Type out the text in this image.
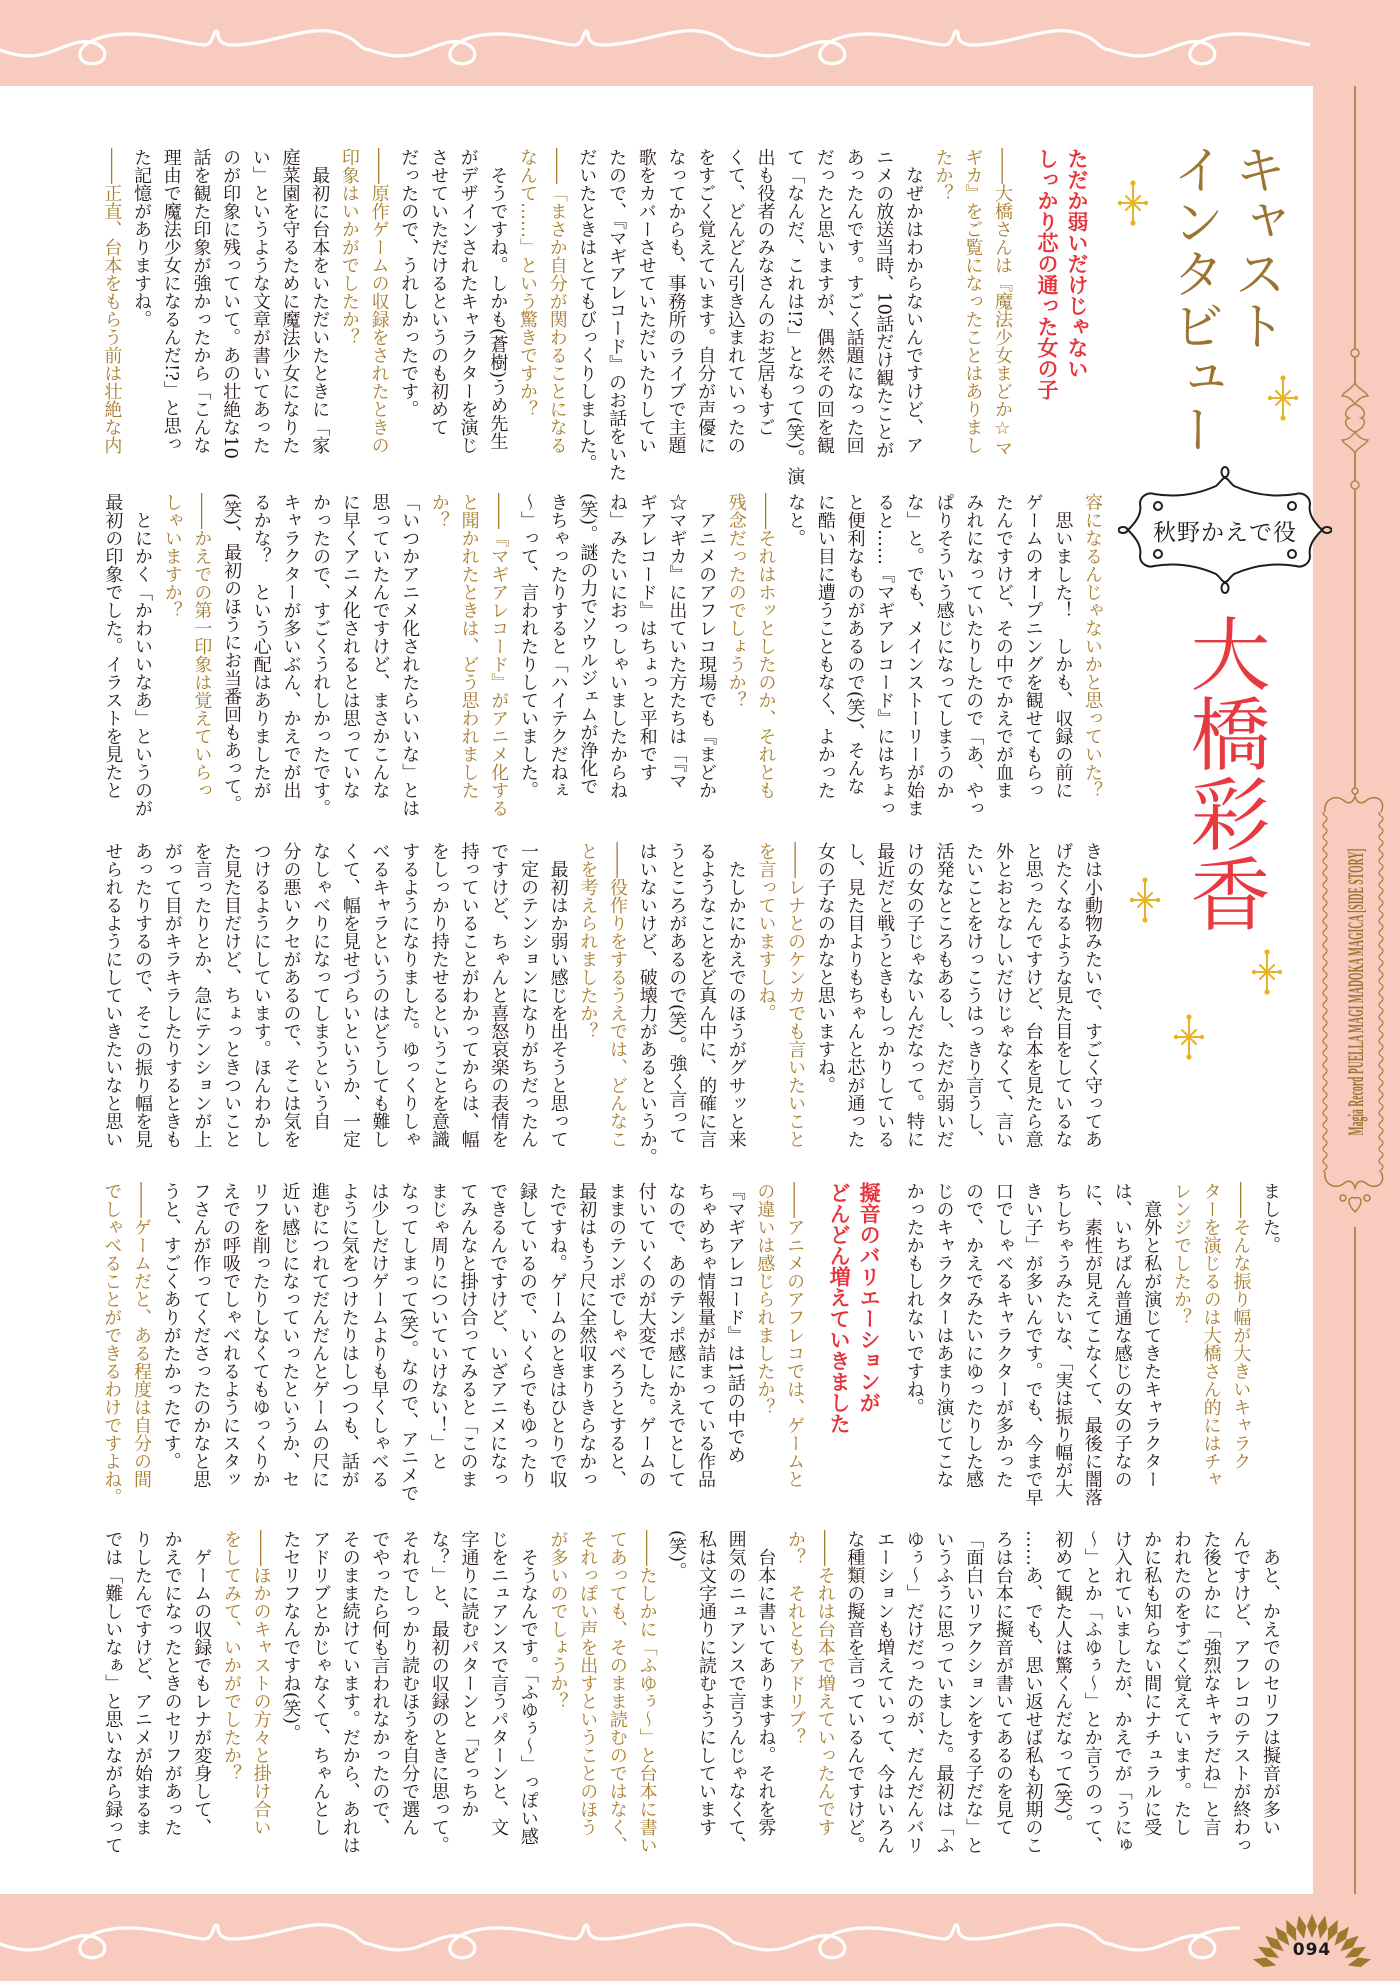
Magia Record PUELLA MAGI MADOKA MAGICA [SIDE STORY]
キャスト
インタビュー
秋野かえで役
大橋彩香
ただか弱いだけじゃない
しっかり芯の通った女の子
――大橋さんは『魔法少女まどか☆マ
ギカ』をご覧になったことはありまし
たか？
　なぜかはわからないんですけど、ア
ニメの放送当時、10話だけ観たことが
あったんです。すごく話題になった回
だったと思いますが、偶然その回を観
て「なんだ、これは!?」となって(笑)。演
出も役者のみなさんのお芝居もすご
くて、どんどん引き込まれていったの
をすごく覚えています。自分が声優に
なってからも、事務所のライブで主題
歌をカバーさせていただいたりしてい
たので、『マギアレコード』のお話をいた
だいたときはとてもびっくりしました。
――「まさか自分が関わることになる
なんて……」という驚きですか？
　そうですね。しかも(蒼樹)うめ先生
がデザインされたキャラクターを演じ
させていただけるというのも初めて
だったので、うれしかったです。
――原作ゲームの収録をされたときの
印象はいかがでしたか？
　最初に台本をいただいたときに「家
庭菜園を守るために魔法少女になりた
い」というような文章が書いてあった
のが印象に残っていて。あの壮絶な10
話を観た印象が強かったから「こんな
理由で魔法少女になるんだ!?」と思っ
た記憶がありますね。
――正直、台本をもらう前は壮絶な内
容になるんじゃないかと思っていた？
　思いました！　しかも、収録の前に
ゲームのオープニングを観せてもらっ
たんですけど、その中でかえでが血ま
みれになっていたりしたので「あ、やっ
ぱりそういう感じになってしまうのか
な」と。でも、メインストーリーが始ま
ると……『マギアレコード』にはちょっ
と便利なものがあるので(笑)、そんな
に酷い目に遭うこともなく、よかった
なと。
――それはホッとしたのか、それとも
残念だったのでしょうか？
　アニメのアフレコ現場でも『まどか
☆マギカ』に出ていた方たちは「『マ
ギアレコード』はちょっと平和です
ね」みたいにおっしゃいましたからね
(笑)。謎の力でソウルジェムが浄化で
きちゃったりすると「ハイテクだねぇ
～」って、言われたりしていました。
――『マギアレコード』がアニメ化する
と聞かれたときは、どう思われました
か？
「いつかアニメ化されたらいいな」とは
思っていたんですけど、まさかこんな
に早くアニメ化されるとは思っていな
かったので、すごくうれしかったです。
キャラクターが多いぶん、かえでが出
るかな？　という心配はありましたが
(笑)、最初のほうにお当番回もあって。
――かえでの第一印象は覚えていらっ
しゃいますか？
　とにかく「かわいいなあ」というのが
最初の印象でした。イラストを見たと
きは小動物みたいで、すごく守ってあ
げたくなるような見た目をしているな
と思ったんですけど、台本を見たら意
外とおとなしいだけじゃなくて、言い
たいことをけっこうはっきり言うし、
活発なところもあるし、ただか弱いだ
けの女の子じゃないんだなって。特に
最近だと戦うときもしっかりしている
し、見た目よりもちゃんと芯が通った
女の子なのかなと思いますね。
――レナとのケンカでも言いたいこと
を言っていますしね。
　たしかにかえでのほうがグサッと来
るようなことをど真ん中に、的確に言
うところがあるので(笑)。強く言って
はいないけど、破壊力があるというか。
――役作りをするうえでは、どんなこ
とを考えられましたか？
　最初はか弱い感じを出そうと思って
一定のテンションになりがちだったん
ですけど、ちゃんと喜怒哀楽の表情を
持っていることがわかってからは、幅
をしっかり持たせるということを意識
するようになりました。ゆっくりしゃ
べるキャラというのはどうしても難し
くて、幅を見せづらいというか、一定
なしゃべりになってしまうという自
分の悪いクセがあるので、そこは気を
つけるようにしています。ほんわかし
た見た目だけど、ちょっときついこと
を言ったりとか、急にテンションが上
がって目がキラキラしたりするときも
あったりするので、そこの振り幅を見
せられるようにしていきたいなと思い
ました。
――そんな振り幅が大きいキャラク
ターを演じるのは大橋さん的にはチャ
レンジでしたか？
　意外と私が演じてきたキャラクター
は、いちばん普通な感じの女の子なの
に、素性が見えてこなくて、最後に闇落
ちしちゃうみたいな、「実は振り幅が大
きい子」が多いんです。でも、今まで早
口でしゃべるキャラクターが多かった
ので、かえでみたいにゆったりした感
じのキャラクターはあまり演じてこな
かったかもしれないですね。
擬音のバリエーションが
どんどん増えていきました
――アニメのアフレコでは、ゲームと
の違いは感じられましたか？
『マギアレコード』は1話の中でめ
ちゃめちゃ情報量が詰まっている作品
なので、あのテンポ感にかえでとして
付いていくのが大変でした。ゲームの
ままのテンポでしゃべろうとすると、
最初はもう尺に全然収まりきらなかっ
たですね。ゲームのときはひとりで収
録しているので、いくらでもゆったり
できるんですけど、いざアニメになっ
てみんなと掛け合ってみると「このま
まじゃ周りについていけない！」と
なってしまって(笑)。なので、アニメで
は少しだけゲームよりも早くしゃべる
ように気をつけたりはしつつも、話が
進むにつれてだんだんとゲームの尺に
近い感じになっていったというか、セ
リフを削ったりしなくてもゆっくりか
えでの呼吸でしゃべれるようにスタッ
フさんが作ってくださったのかなと思
うと、すごくありがたかったです。
――ゲームだと、ある程度は自分の間
でしゃべることができるわけですよね。
　あと、かえでのセリフは擬音が多い
んですけど、アフレコのテストが終わっ
た後とかに「強烈なキャラだね」と言
われたのをすごく覚えています。たし
かに私も知らない間にナチュラルに受
け入れていましたが、かえでが「うにゅ
～」とか「ふゆぅ～」とか言うのって、
初めて観た人は驚くんだなって(笑)。
……あ、でも、思い返せば私も初期のこ
ろは台本に擬音が書いてあるのを見て
「面白いリアクションをする子だな」と
いうふうに思っていました。最初は「ふ
ゆぅ～」だけだったのが、だんだんバリ
エーションも増えていって、今はいろん
な種類の擬音を言っているんですけど。
――それは台本で増えていったんです
か？　それともアドリブ？
　台本に書いてありますね。それを雰
囲気のニュアンスで言うんじゃなくて、
私は文字通りに読むようにしています
(笑)。
――たしかに「ふゆぅ～」と台本に書い
てあっても、そのまま読むのではなく、
それっぽい声を出すということのほう
が多いのでしょうか？
　そうなんです。「ふゆぅ～」っぽい感
じをニュアンスで言うパターンと、文
字通りに読むパターンと「どっちか
な？」と、最初の収録のときに思って。
それでしっかり読むほうを自分で選ん
でやったら何も言われなかったので、
そのまま続けています。だから、あれは
アドリブとかじゃなくて、ちゃんとし
たセリフなんですね(笑)。
――ほかのキャストの方々と掛け合い
をしてみて、いかがでしたか？
　ゲームの収録でもレナが変身して、
かえでになったときのセリフがあった
りしたんですけど、アニメが始まるま
では「難しいなぁ」と思いながら録って
094
